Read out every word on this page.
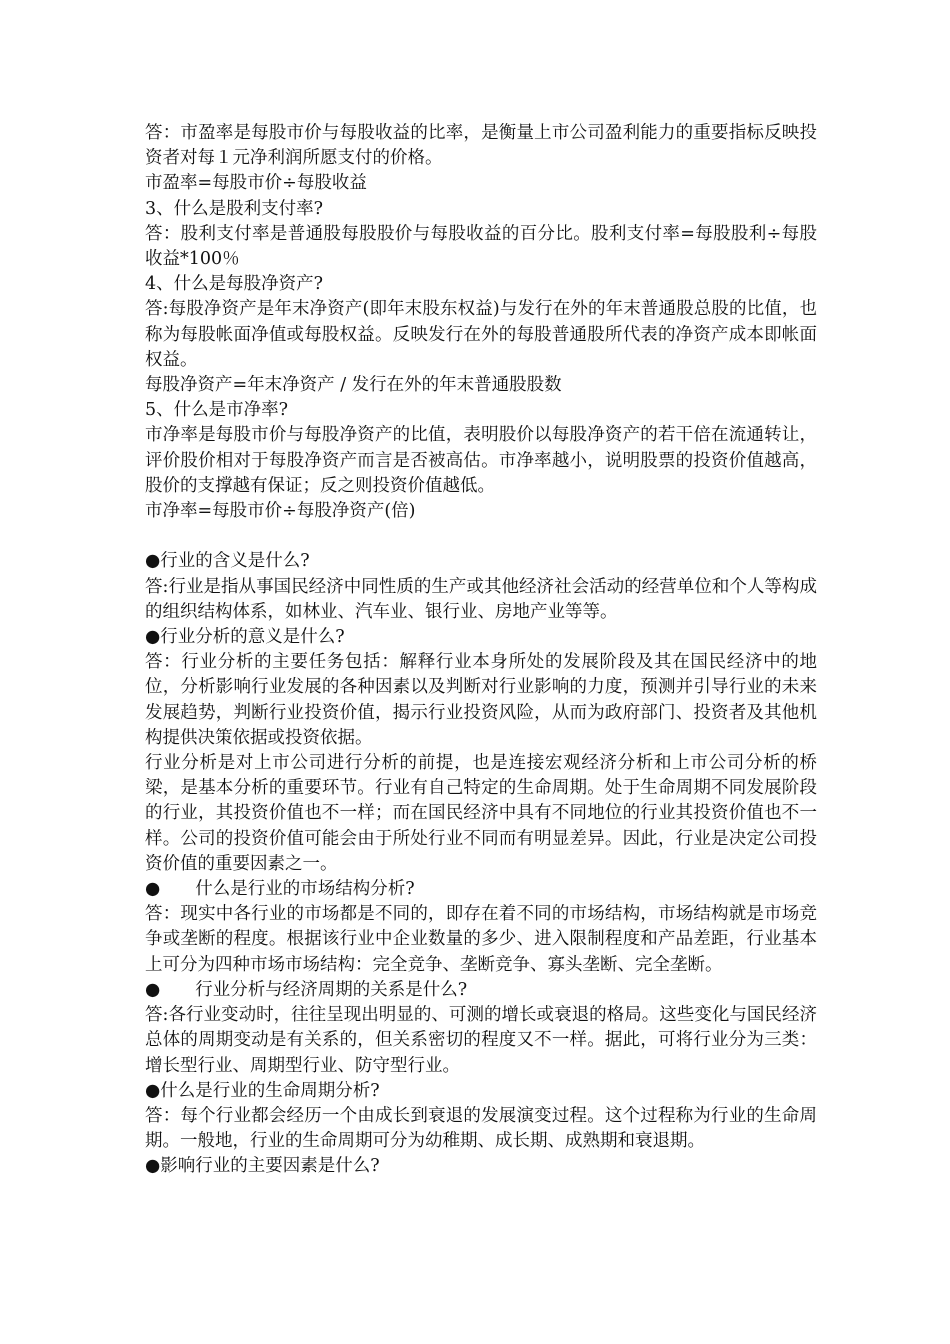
答：市盈率是每股市价与每股收益的比率，是衡量上市公司盈利能力的重要指标反映投资者对每１元净利润所愿支付的价格。

市盈率=每股市价÷每股收益

3、什么是股利支付率?

答：股利支付率是普通股每股股价与每股收益的百分比。股利支付率=每股股利÷每股收益*100％

4、什么是每股净资产?

答:每股净资产是年末净资产(即年末股东权益)与发行在外的年末普通股总股的比值，也称为每股帐面净值或每股权益。反映发行在外的每股普通股所代表的净资产成本即帐面权益。

每股净资产=年末净资产 / 发行在外的年末普通股股数

5、什么是市净率?

市净率是每股市价与每股净资产的比值，表明股价以每股净资产的若干倍在流通转让，评价股价相对于每股净资产而言是否被高估。市净率越小，说明股票的投资价值越高，股价的支撑越有保证；反之则投资价值越低。

市净率=每股市价÷每股净资产(倍)

●行业的含义是什么?

答:行业是指从事国民经济中同性质的生产或其他经济社会活动的经营单位和个人等构成的组织结构体系，如林业、汽车业、银行业、房地产业等等。

●行业分析的意义是什么?

答：行业分析的主要任务包括：解释行业本身所处的发展阶段及其在国民经济中的地位，分析影响行业发展的各种因素以及判断对行业影响的力度，预测并引导行业的未来发展趋势，判断行业投资价值，揭示行业投资风险，从而为政府部门、投资者及其他机构提供决策依据或投资依据。

行业分析是对上市公司进行分析的前提，也是连接宏观经济分析和上市公司分析的桥梁，是基本分析的重要环节。行业有自己特定的生命周期。处于生命周期不同发展阶段的行业，其投资价值也不一样；而在国民经济中具有不同地位的行业其投资价值也不一样。公司的投资价值可能会由于所处行业不同而有明显差异。因此，行业是决定公司投资价值的重要因素之一。

●　　什么是行业的市场结构分析?

答：现实中各行业的市场都是不同的，即存在着不同的市场结构，市场结构就是市场竞争或垄断的程度。根据该行业中企业数量的多少、进入限制程度和产品差距，行业基本上可分为四种市场市场结构：完全竞争、垄断竞争、寡头垄断、完全垄断。

●　　行业分析与经济周期的关系是什么?

答:各行业变动时，往往呈现出明显的、可测的增长或衰退的格局。这些变化与国民经济总体的周期变动是有关系的，但关系密切的程度又不一样。据此，可将行业分为三类：增长型行业、周期型行业、防守型行业。

●什么是行业的生命周期分析?

答：每个行业都会经历一个由成长到衰退的发展演变过程。这个过程称为行业的生命周期。一般地，行业的生命周期可分为幼稚期、成长期、成熟期和衰退期。

●影响行业的主要因素是什么?
